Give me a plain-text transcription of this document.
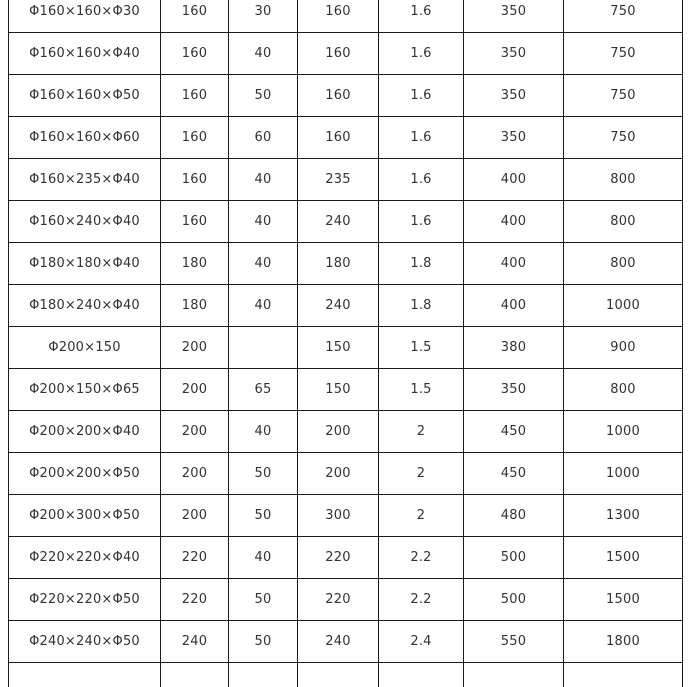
Φ160×160×Φ30	160	30	160	1.6	350	750
Φ160×160×Φ40	160	40	160	1.6	350	750
Φ160×160×Φ50	160	50	160	1.6	350	750
Φ160×160×Φ60	160	60	160	1.6	350	750
Φ160×235×Φ40	160	40	235	1.6	400	800
Φ160×240×Φ40	160	40	240	1.6	400	800
Φ180×180×Φ40	180	40	180	1.8	400	800
Φ180×240×Φ40	180	40	240	1.8	400	1000
Φ200×150	200		150	1.5	380	900
Φ200×150×Φ65	200	65	150	1.5	350	800
Φ200×200×Φ40	200	40	200	2	450	1000
Φ200×200×Φ50	200	50	200	2	450	1000
Φ200×300×Φ50	200	50	300	2	480	1300
Φ220×220×Φ40	220	40	220	2.2	500	1500
Φ220×220×Φ50	220	50	220	2.2	500	1500
Φ240×240×Φ50	240	50	240	2.4	550	1800
